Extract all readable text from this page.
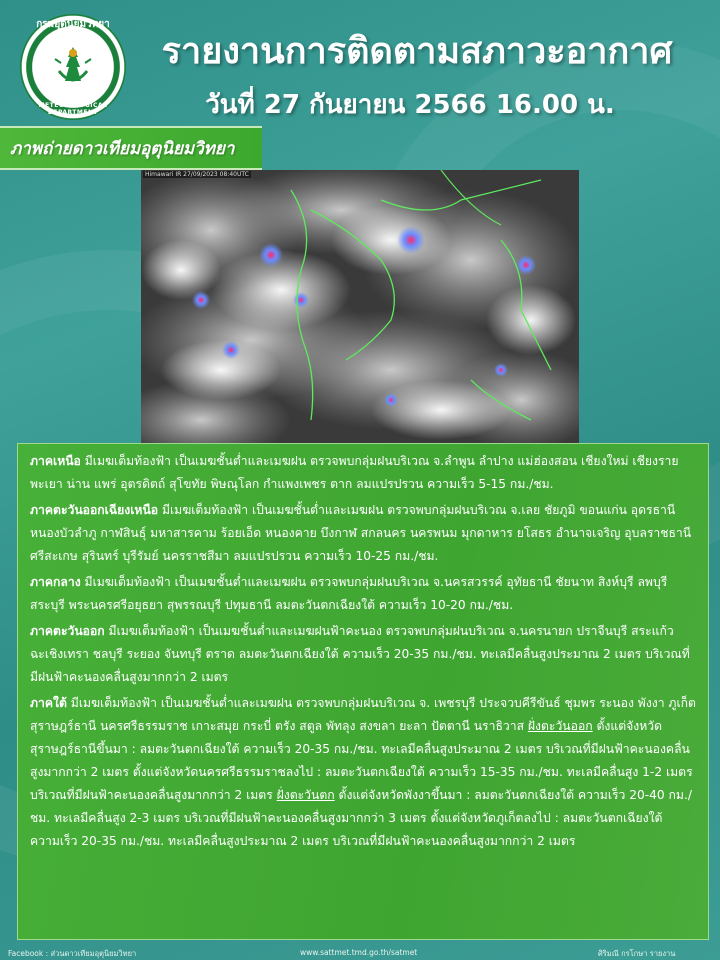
กรมอุตุนิยมวิทยา
METEOROLOGICAL DEPARTMENT
รายงานการติดตามสภาวะอากาศ
วันที่ 27 กันยายน 2566 16.00 น.
ภาพถ่ายดาวเทียมอุตุนิยมวิทยา
Himawari IR 27/09/2023 08:40UTC

ภาคเหนือ มีเมฆเต็มท้องฟ้า เป็นเมฆชั้นต่ำและเมฆฝน ตรวจพบกลุ่มฝนบริเวณ จ.ลำพูน ลำปาง แม่ฮ่องสอน เชียงใหม่ เชียงราย พะเยา น่าน แพร่ อุตรดิตถ์ สุโขทัย พิษณุโลก กำแพงเพชร ตาก ลมแปรปรวน ความเร็ว 5-15 กม./ชม.

ภาคตะวันออกเฉียงเหนือ มีเมฆเต็มท้องฟ้า เป็นเมฆชั้นต่ำและเมฆฝน ตรวจพบกลุ่มฝนบริเวณ จ.เลย ชัยภูมิ ขอนแก่น อุดรธานี หนองบัวลำภู กาฬสินธุ์ มหาสารคาม ร้อยเอ็ด หนองคาย บึงกาฬ สกลนคร นครพนม มุกดาหาร ยโสธร อำนาจเจริญ อุบลราชธานี ศรีสะเกษ สุรินทร์ บุรีรัมย์ นครราชสีมา ลมแปรปรวน ความเร็ว 10-25 กม./ชม.

ภาคกลาง มีเมฆเต็มท้องฟ้า เป็นเมฆชั้นต่ำและเมฆฝน ตรวจพบกลุ่มฝนบริเวณ จ.นครสวรรค์ อุทัยธานี ชัยนาท สิงห์บุรี ลพบุรี สระบุรี พระนครศรีอยุธยา สุพรรณบุรี ปทุมธานี ลมตะวันตกเฉียงใต้ ความเร็ว 10-20 กม./ชม.

ภาคตะวันออก มีเมฆเต็มท้องฟ้า เป็นเมฆชั้นต่ำและเมฆฝนฟ้าคะนอง ตรวจพบกลุ่มฝนบริเวณ จ.นครนายก ปราจีนบุรี สระแก้ว ฉะเชิงเทรา ชลบุรี ระยอง จันทบุรี ตราด ลมตะวันตกเฉียงใต้ ความเร็ว 20-35 กม./ชม. ทะเลมีคลื่นสูงประมาณ 2 เมตร บริเวณที่มีฝนฟ้าคะนองคลื่นสูงมากกว่า 2 เมตร

ภาคใต้ มีเมฆเต็มท้องฟ้า เป็นเมฆชั้นต่ำและเมฆฝน ตรวจพบกลุ่มฝนบริเวณ จ. เพชรบุรี ประจวบคีรีขันธ์ ชุมพร ระนอง พังงา ภูเก็ต สุราษฎร์ธานี นครศรีธรรมราช เกาะสมุย กระบี่ ตรัง สตูล พัทลุง สงขลา ยะลา ปัตตานี นราธิวาส ฝั่งตะวันออก ตั้งแต่จังหวัดสุราษฎร์ธานีขึ้นมา : ลมตะวันตกเฉียงใต้ ความเร็ว 20-35 กม./ชม. ทะเลมีคลื่นสูงประมาณ 2 เมตร บริเวณที่มีฝนฟ้าคะนองคลื่นสูงมากกว่า 2 เมตร ตั้งแต่จังหวัดนครศรีธรรมราชลงไป : ลมตะวันตกเฉียงใต้ ความเร็ว 15-35 กม./ชม. ทะเลมีคลื่นสูง 1-2 เมตร บริเวณที่มีฝนฟ้าคะนองคลื่นสูงมากกว่า 2 เมตร ฝั่งตะวันตก ตั้งแต่จังหวัดพังงาขึ้นมา : ลมตะวันตกเฉียงใต้ ความเร็ว 20-40 กม./ชม. ทะเลมีคลื่นสูง 2-3 เมตร บริเวณที่มีฝนฟ้าคะนองคลื่นสูงมากกว่า 3 เมตร ตั้งแต่จังหวัดภูเก็ตลงไป : ลมตะวันตกเฉียงใต้ ความเร็ว 20-35 กม./ชม. ทะเลมีคลื่นสูงประมาณ 2 เมตร บริเวณที่มีฝนฟ้าคะนองคลื่นสูงมากกว่า 2 เมตร

Facebook : ส่วนดาวเทียมอุตุนิยมวิทยา	www.sattmet.tmd.go.th/satmet	ศิริมณี กรโกษา รายงาน
